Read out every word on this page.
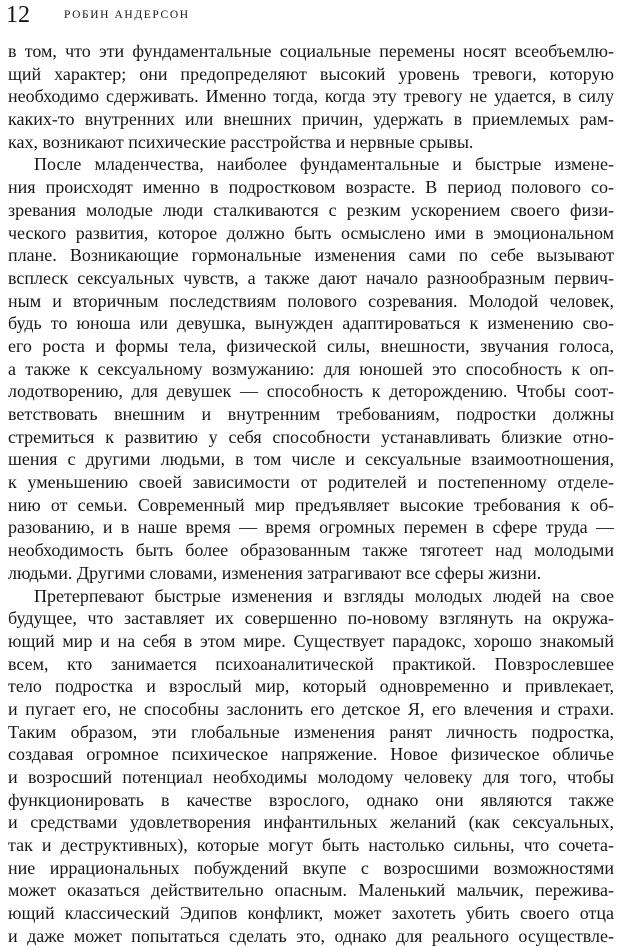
12	РОБИН АНДЕРСОН
в том, что эти фундаментальные социальные перемены носят всеобъемлю-
щий характер; они предопределяют высокий уровень тревоги, которую
необходимо сдерживать. Именно тогда, когда эту тревогу не удается, в силу
каких-то внутренних или внешних причин, удержать в приемлемых рам-
ках, возникают психические расстройства и нервные срывы.
После младенчества, наиболее фундаментальные и быстрые измене-
ния происходят именно в подростковом возрасте. В период полового со-
зревания молодые люди сталкиваются с резким ускорением своего физи-
ческого развития, которое должно быть осмыслено ими в эмоциональном
плане. Возникающие гормональные изменения сами по себе вызывают
всплеск сексуальных чувств, а также дают начало разнообразным первич-
ным и вторичным последствиям полового созревания. Молодой человек,
будь то юноша или девушка, вынужден адаптироваться к изменению сво-
его роста и формы тела, физической силы, внешности, звучания голоса,
а также к сексуальному возмужанию: для юношей это способность к оп-
лодотворению, для девушек — способность к деторождению. Чтобы соот-
ветствовать внешним и внутренним требованиям, подростки должны
стремиться к развитию у себя способности устанавливать близкие отно-
шения с другими людьми, в том числе и сексуальные взаимоотношения,
к уменьшению своей зависимости от родителей и постепенному отделе-
нию от семьи. Современный мир предъявляет высокие требования к об-
разованию, и в наше время — время огромных перемен в сфере труда —
необходимость быть более образованным также тяготеет над молодыми
людьми. Другими словами, изменения затрагивают все сферы жизни.
Претерпевают быстрые изменения и взгляды молодых людей на свое
будущее, что заставляет их совершенно по-новому взглянуть на окружа-
ющий мир и на себя в этом мире. Существует парадокс, хорошо знакомый
всем, кто занимается психоаналитической практикой. Повзрослевшее
тело подростка и взрослый мир, который одновременно и привлекает,
и пугает его, не способны заслонить его детское Я, его влечения и страхи.
Таким образом, эти глобальные изменения ранят личность подростка,
создавая огромное психическое напряжение. Новое физическое обличье
и возросший потенциал необходимы молодому человеку для того, чтобы
функционировать в качестве взрослого, однако они являются также
и средствами удовлетворения инфантильных желаний (как сексуальных,
так и деструктивных), которые могут быть настолько сильны, что сочета-
ние иррациональных побуждений вкупе с возросшими возможностями
может оказаться действительно опасным. Маленький мальчик, пережива-
ющий классический Эдипов конфликт, может захотеть убить своего отца
и даже может попытаться сделать это, однако для реального осуществле-
